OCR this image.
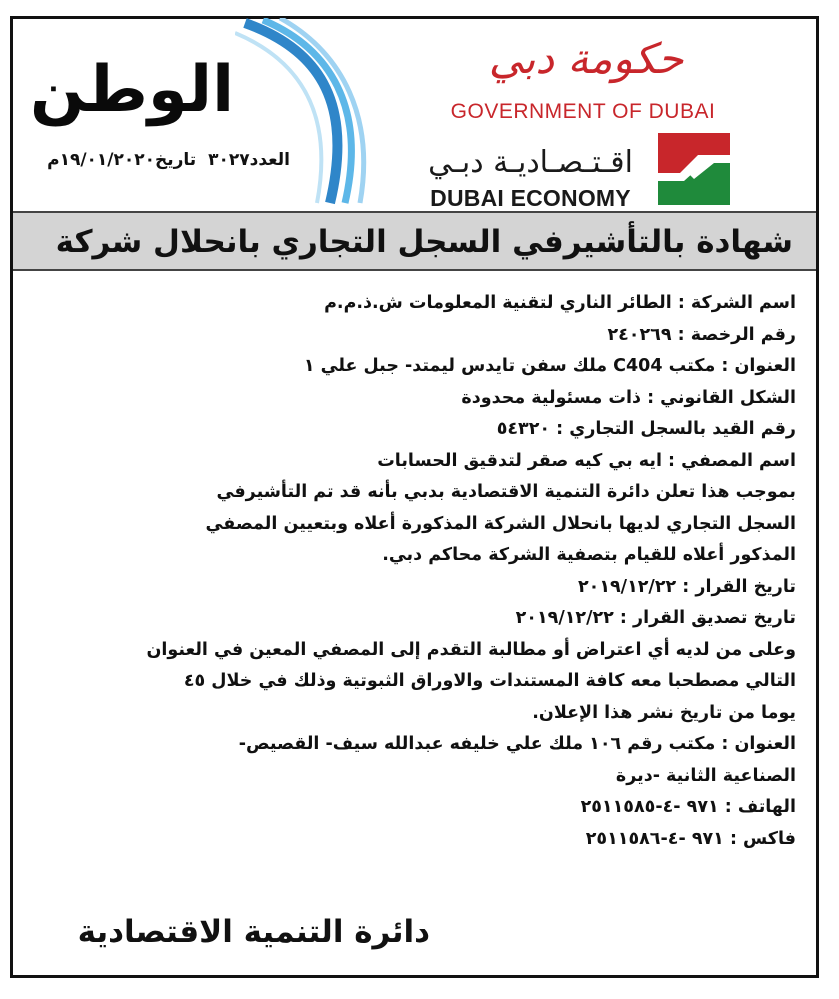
الوطن
العدد٣٠٢٧ تاريخ١٩/٠١/٢٠٢٠م
حكومة دبي
GOVERNMENT OF DUBAI
اقـتـصـاديـة دبـي
DUBAI ECONOMY
شهادة بالتأشيرفي السجل التجاري بانحلال شركة

اسم الشركة : الطائر الناري لتقنية المعلومات ش.ذ.م.م

رقم الرخصة : ٢٤٠٢٦٩

العنوان : مكتب C404 ملك سفن تايدس ليمتد- جبل علي ١

الشكل القانوني : ذات مسئولية محدودة

رقم القيد بالسجل التجاري : ٥٤٣٢٠

اسم المصفي : ايه بي كيه صقر لتدقيق الحسابات

بموجب هذا تعلن دائرة التنمية الاقتصادية بدبي بأنه قد تم التأشيرفي

السجل التجاري لديها بانحلال الشركة المذكورة أعلاه وبتعيين المصفي

المذكور أعلاه للقيام بتصفية الشركة محاكم دبي.

تاريخ القرار : ٢٠١٩/١٢/٢٢

تاريخ تصديق القرار : ٢٠١٩/١٢/٢٢

وعلى من لديه أي اعتراض أو مطالبة التقدم إلى المصفي المعين في العنوان

التالي مصطحبا معه كافة المستندات والاوراق الثبوتية وذلك في خلال ٤٥

يوما من تاريخ نشر هذا الإعلان.

العنوان : مكتب رقم ١٠٦ ملك علي خليفه عبدالله سيف- القصيص-

الصناعية الثانية -ديرة

الهاتف : ٩٧١ -٤-٢٥١١٥٨٥

فاكس : ٩٧١ -٤-٢٥١١٥٨٦

دائرة التنمية الاقتصادية
